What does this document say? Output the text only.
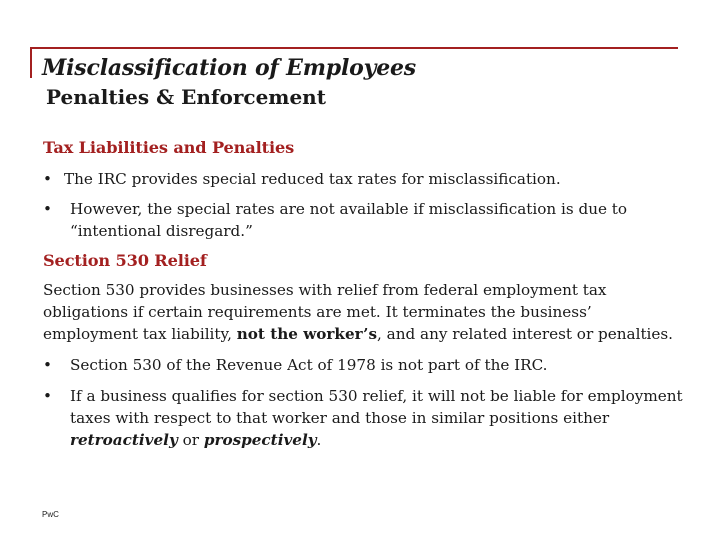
Misclassification of Employees
Penalties & Enforcement
Tax Liabilities and Penalties
• The IRC provides special reduced tax rates for misclassification.
• However, the special rates are not available if misclassification is due to “intentional disregard.”
Section 530 Relief

Section 530 provides businesses with relief from federal employment tax obligations if certain requirements are met. It terminates the business’ employment tax liability, not the worker’s, and any related interest or penalties.

• Section 530 of the Revenue Act of 1978 is not part of the IRC.
• If a business qualifies for section 530 relief, it will not be liable for employment taxes with respect to that worker and those in similar positions either retroactively or prospectively.

PwC
